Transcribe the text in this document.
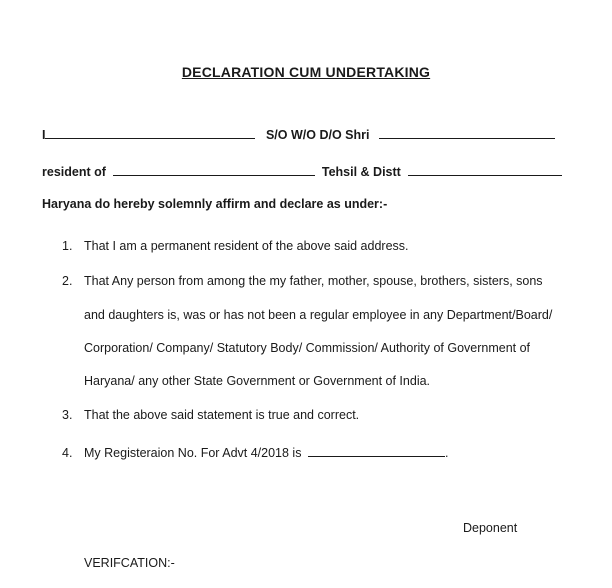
DECLARATION CUM UNDERTAKING
I	S/O W/O D/O Shri
resident of	Tehsil & Distt
Haryana do hereby solemnly affirm and declare as under:-
1. That I am a permanent resident of the above said address.
2. That Any person from among the my father, mother, spouse, brothers, sisters, sons
and daughters is, was or has not been a regular employee in any Department/Board/
Corporation/ Company/ Statutory Body/ Commission/ Authority of Government of
Haryana/ any other State Government or Government of India.
3. That the above said statement is true and correct.
4. My Registeraion No. For Advt 4/2018 is	.
Deponent
VERIFCATION:-
